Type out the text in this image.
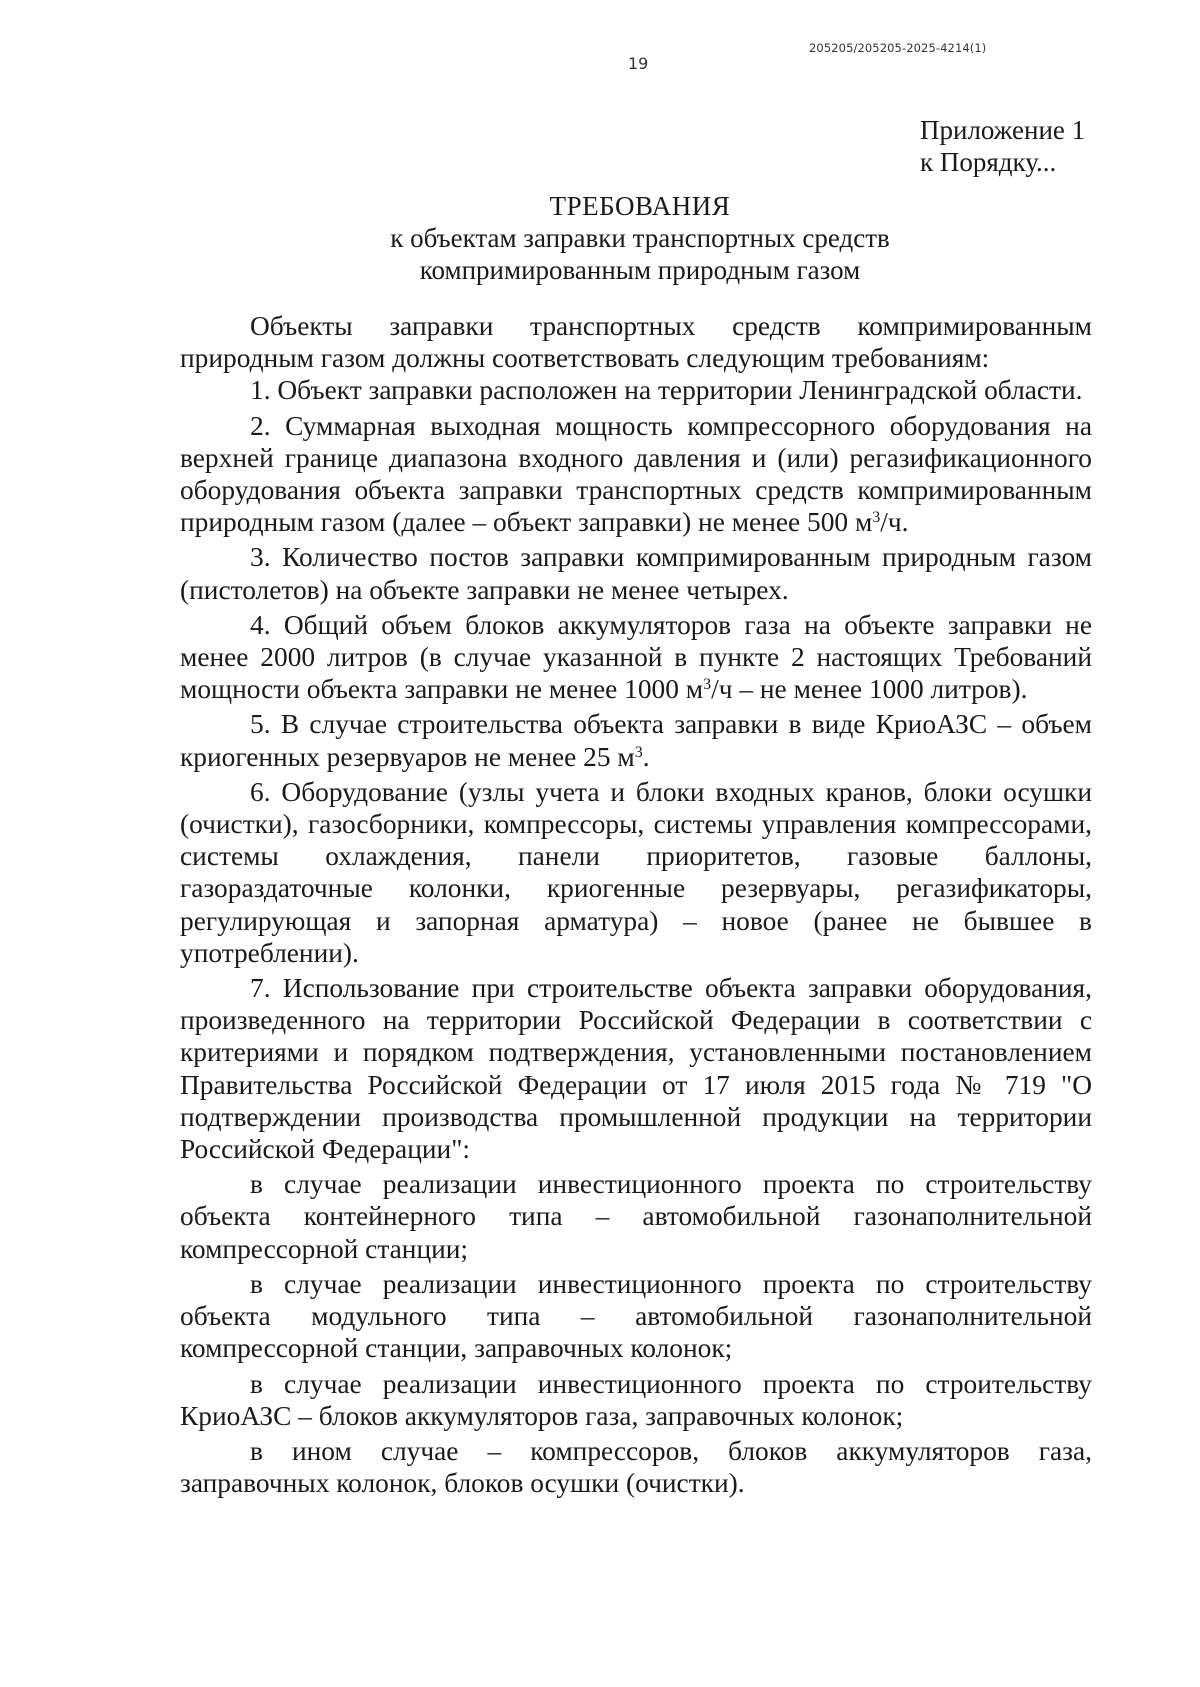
19
205205/205205-2025-4214(1)
Приложение 1
к Порядку...
ТРЕБОВАНИЯ
к объектам заправки транспортных средств
компримированным природным газом

Объекты заправки транспортных средств компримированным природным газом должны соответствовать следующим требованиям:

1. Объект заправки расположен на территории Ленинградской области.

2. Суммарная выходная мощность компрессорного оборудования на верхней границе диапазона входного давления и (или) регазификационного оборудования объекта заправки транспортных средств компримированным природным газом (далее – объект заправки) не менее 500 $м^3/ч$.

3. Количество постов заправки компримированным природным газом (пистолетов) на объекте заправки не менее четырех.

4. Общий объем блоков аккумуляторов газа на объекте заправки не менее 2000 литров (в случае указанной в пункте 2 настоящих Требований мощности объекта заправки не менее 1000 $м^3/ч$ – не менее 1000 литров).

5. В случае строительства объекта заправки в виде КриоАЗС – объем криогенных резервуаров не менее 25 $м^3$.

6. Оборудование (узлы учета и блоки входных кранов, блоки осушки (очистки), газосборники, компрессоры, системы управления компрессорами, системы охлаждения, панели приоритетов, газовые баллоны, газораздаточные колонки, криогенные резервуары, регазификаторы, регулирующая и запорная арматура) – новое (ранее не бывшее в употреблении).

7. Использование при строительстве объекта заправки оборудования, произведенного на территории Российской Федерации в соответствии с критериями и порядком подтверждения, установленными постановлением Правительства Российской Федерации от 17 июля 2015 года № 719 "О подтверждении производства промышленной продукции на территории Российской Федерации":

в случае реализации инвестиционного проекта по строительству объекта контейнерного типа – автомобильной газонаполнительной компрессорной станции;

в случае реализации инвестиционного проекта по строительству объекта модульного типа – автомобильной газонаполнительной компрессорной станции, заправочных колонок;

в случае реализации инвестиционного проекта по строительству КриоАЗС – блоков аккумуляторов газа, заправочных колонок;

в ином случае – компрессоров, блоков аккумуляторов газа, заправочных колонок, блоков осушки (очистки).
